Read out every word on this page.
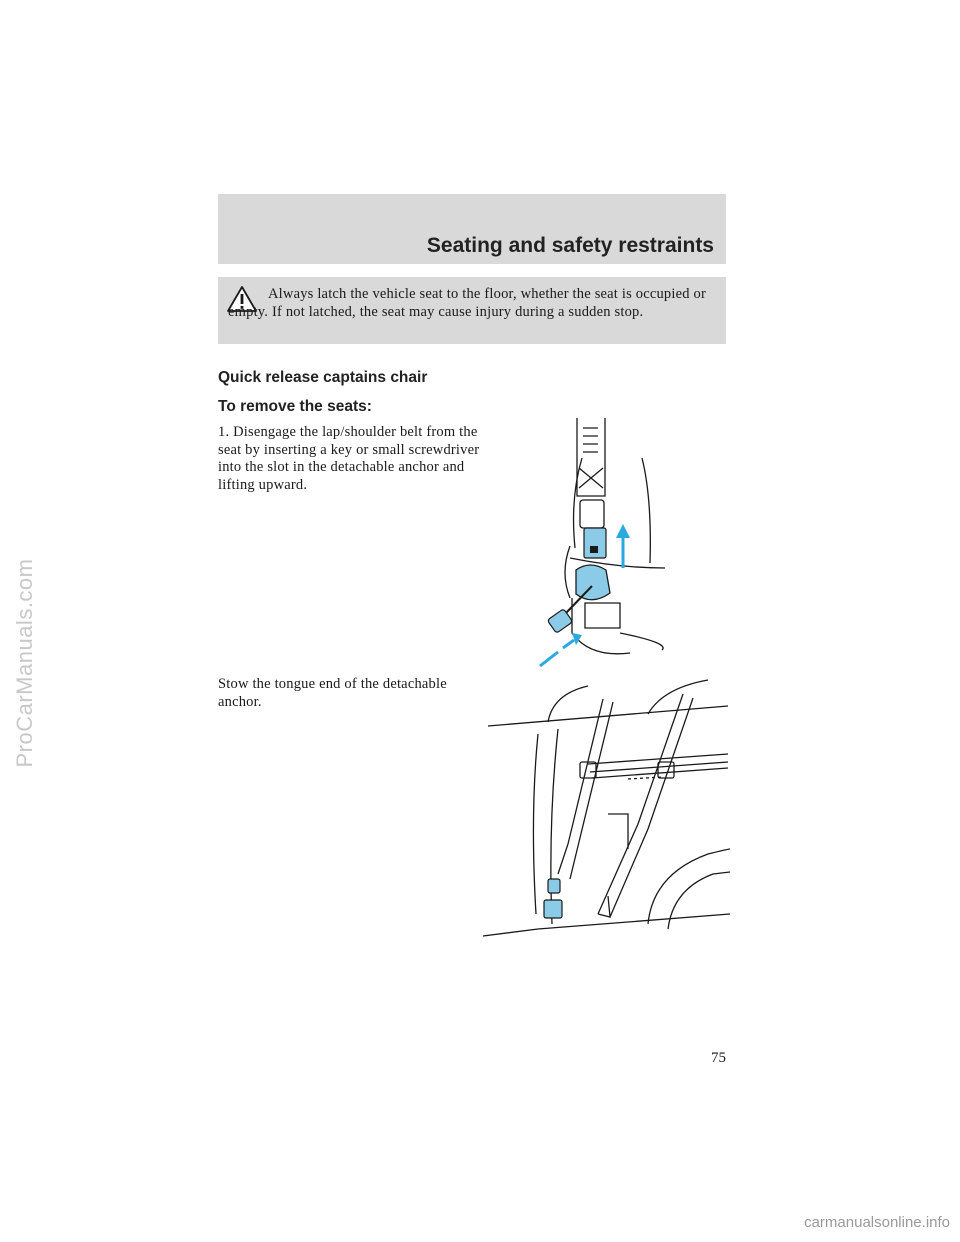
Seating and safety restraints
Always latch the vehicle seat to the floor, whether the seat is occupied or empty. If not latched, the seat may cause injury during a sudden stop.
Quick release captains chair
To remove the seats:
1. Disengage the lap/shoulder belt from the seat by inserting a key or small screwdriver into the slot in the detachable anchor and lifting upward.
Stow the tongue end of the detachable anchor.
75
ProCarManuals.com
carmanualsonline.info
